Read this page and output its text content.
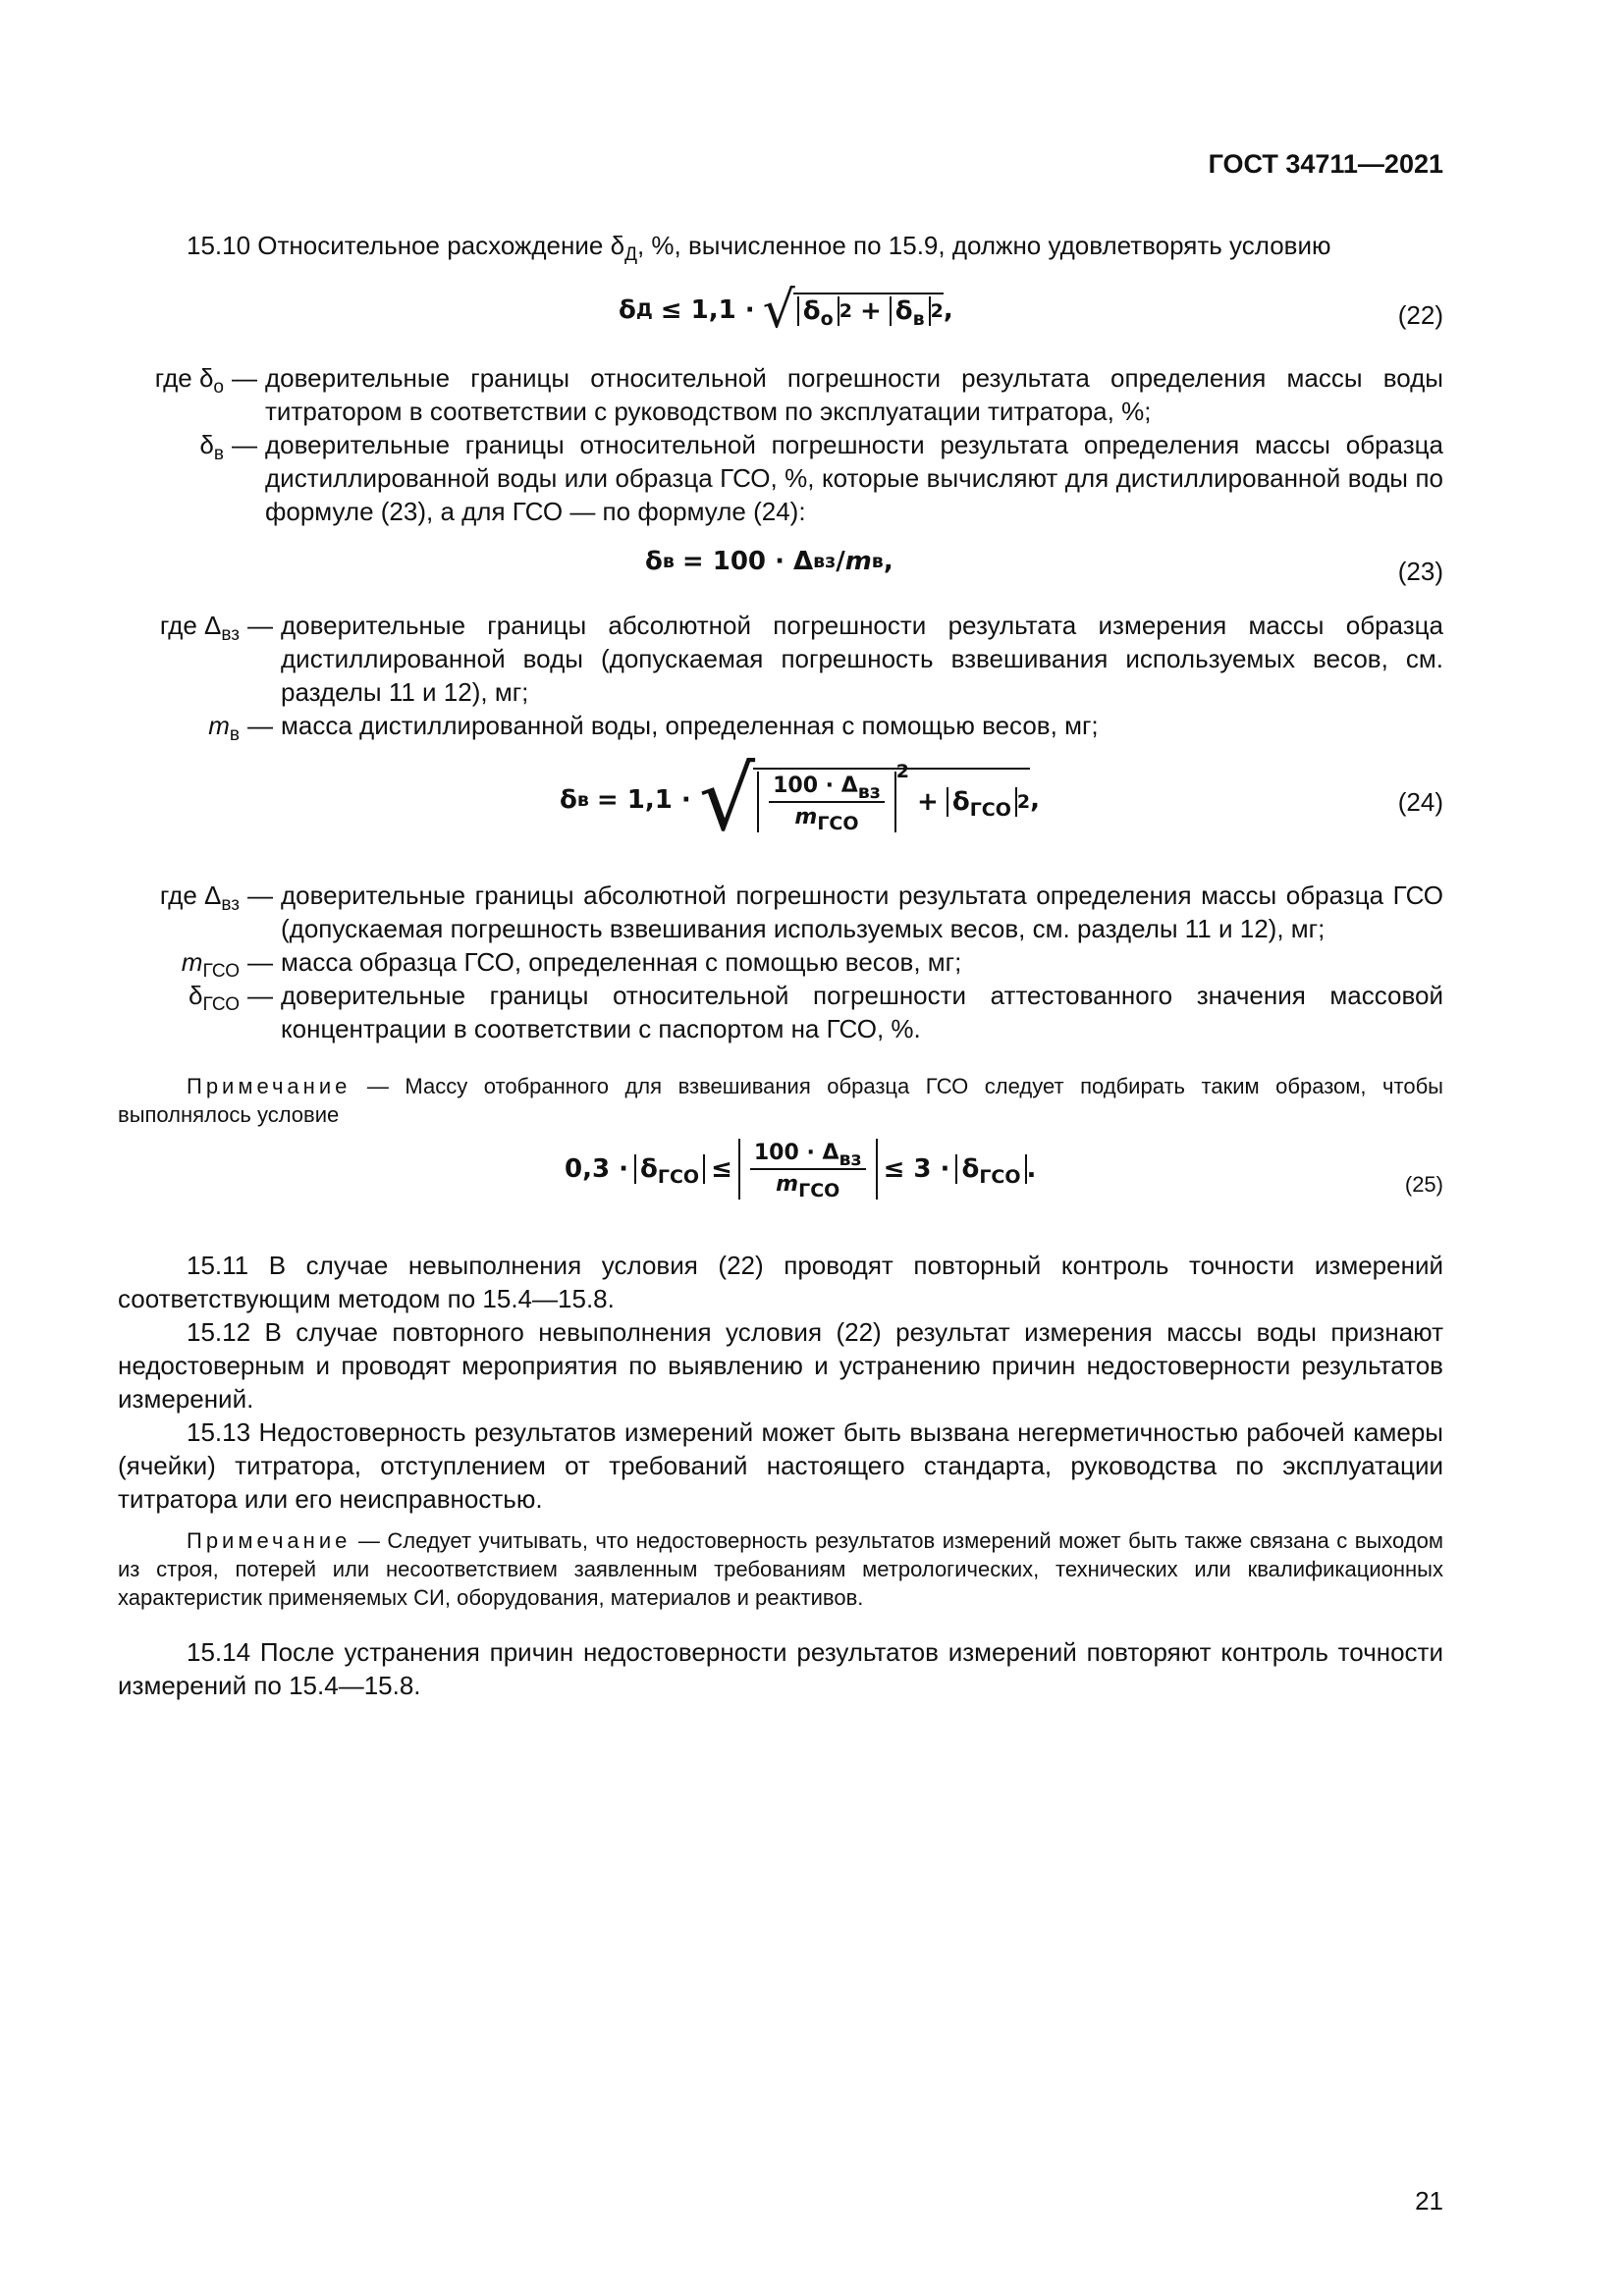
ГОСТ 34711—2021
15.10 Относительное расхождение $\delta_Д$, %, вычисленное по 15.9, должно удовлетворять условию
δ Д ≤ 1,1 · √ $\delta_о$ $2 + \delta_в$ 2 ,	(22)
где $\delta_о$ — доверительные границы относительной погрешности результата определения массы воды титратором в соответствии с руководством по эксплуатации титратора, %;
$\delta_в$ — доверительные границы относительной погрешности результата определения массы образца дистиллированной воды или образца ГСО, %, которые вычисляют для дистиллированной воды по формуле (23), а для ГСО — по формуле (24):
δ в = 100 · Δ вз / m в ,	(23)
где $\Delta_{вз}$ — доверительные границы абсолютной погрешности результата измерения массы образца дистиллированной воды (допускаемая погрешность взвешивания используемых весов, см. разделы 11 и 12), мг;
$m_в$ — масса дистиллированной воды, определенная с помощью весов, мг;
δ в = 1,1 · √ $\frac{100 \cdot \Delta_{вз}}{m_{ГСО}} 2$
+ $\delta_{ГСО}$ 2 ,	(24)
где $\Delta_{вз}$ — доверительные границы абсолютной погрешности результата определения массы образца ГСО (допускаемая погрешность взвешивания используемых весов, см. разделы 11 и 12), мг;
$m_{ГСО}$ — масса образца ГСО, определенная с помощью весов, мг;
$\delta_{ГСО}$ — доверительные границы относительной погрешности аттестованного значения массовой концентрации в соответствии с паспортом на ГСО, %.
Примечание — Массу отобранного для взвешивания образца ГСО следует подбирать таким образом, чтобы выполнялось условие
$0,3 \cdot \delta_{ГСО} \le \frac{100 \cdot \Delta_{вз}}{m_{ГСО}} \le 3 \cdot \delta_{ГСО}$ .
(25)
15.11 В случае невыполнения условия (22) проводят повторный контроль точности измерений соответствующим методом по 15.4—15.8.
15.12 В случае повторного невыполнения условия (22) результат измерения массы воды признают недостоверным и проводят мероприятия по выявлению и устранению причин недостоверности результатов измерений.
15.13 Недостоверность результатов измерений может быть вызвана негерметичностью рабочей камеры (ячейки) титратора, отступлением от требований настоящего стандарта, руководства по эксплуатации титратора или его неисправностью.
Примечание — Следует учитывать, что недостоверность результатов измерений может быть также связана с выходом из строя, потерей или несоответствием заявленным требованиям метрологических, технических или квалификационных характеристик применяемых СИ, оборудования, материалов и реактивов.
15.14 После устранения причин недостоверности результатов измерений повторяют контроль точности измерений по 15.4—15.8.
21
